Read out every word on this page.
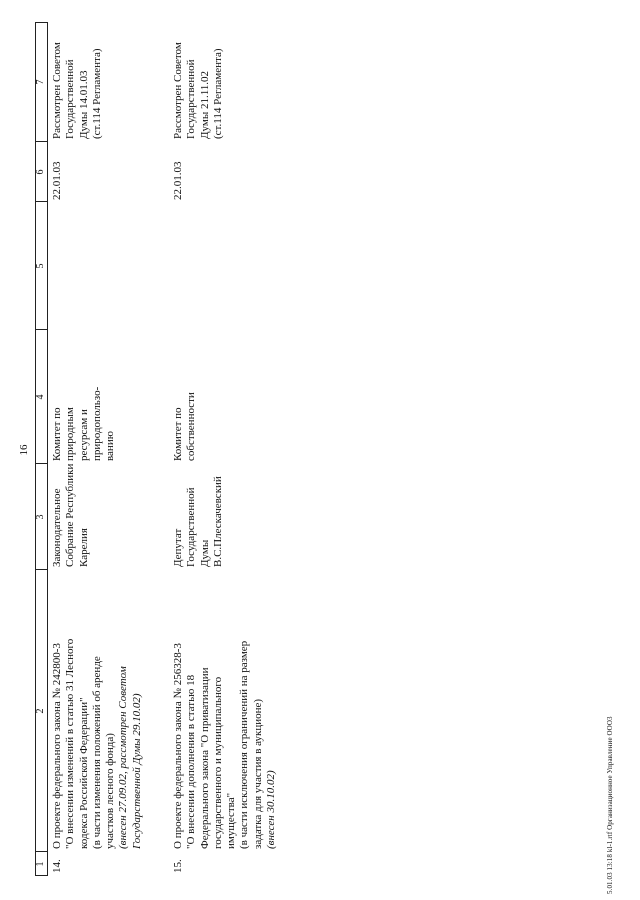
16
1
2
3
4
5
6
7
14.
О проекте федерального закона № 242800-3 "О внесении изменений в статью 31 Лесного кодекса Российской Федерации" (в части изменения положений об аренде участков лесного фонда) (внесен 27.09.02, рассмотрен Советом Государственной Думы 29.10.02)
Законодательное Собрание Республики Карелия
Комитет по природным ресурсам и природопользо- ванию
22.01.03
Рассмотрен Советом Государственной Думы 14.01.03 (ст.114 Регламента)
15.
О проекте федерального закона № 256328-3 "О внесении дополнения в статью 18 Федерального закона "О приватизации государственного и муниципального имущества" (в части исключения ограничений на размер задатка для участия в аукционе) (внесен 30.10.02)
Депутат Государственной Думы В.С.Плескачевский
Комитет по собственности
22.01.03
Рассмотрен Советом Государственной Думы 21.11.02 (ст.114 Регламента)
5.01.03 13:18 kl-1.rtf Организационное Управление ООО3
